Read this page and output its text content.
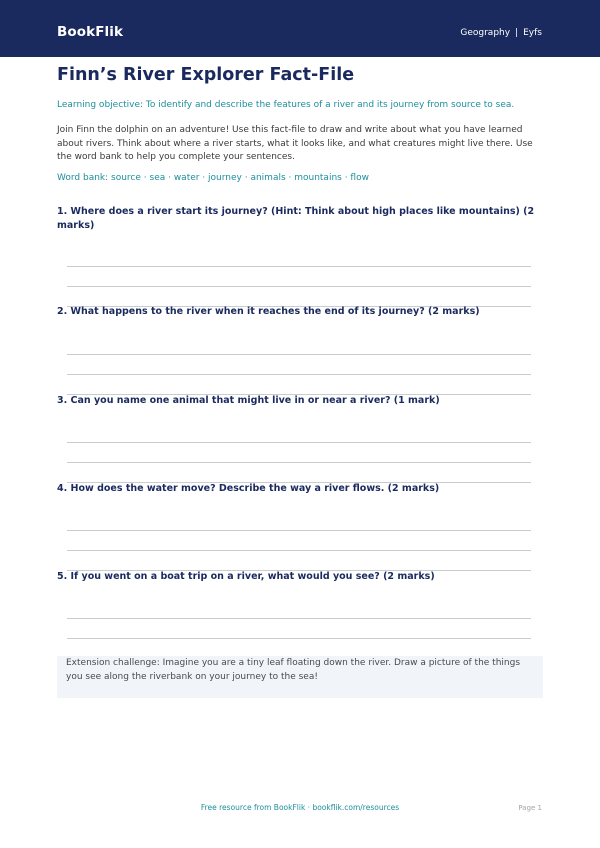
BookFlik	Geography | Eyfs
Finn’s River Explorer Fact-File
Learning objective: To identify and describe the features of a river and its journey from source to sea.
Join Finn the dolphin on an adventure! Use this fact-file to draw and write about what you have learned about rivers. Think about where a river starts, what it looks like, and what creatures might live there. Use the word bank to help you complete your sentences.
Word bank: source · sea · water · journey · animals · mountains · flow
1. Where does a river start its journey? (Hint: Think about high places like mountains) (2 marks)
2. What happens to the river when it reaches the end of its journey? (2 marks)
3. Can you name one animal that might live in or near a river? (1 mark)
4. How does the water move? Describe the way a river flows. (2 marks)
5. If you went on a boat trip on a river, what would you see? (2 marks)
Extension challenge: Imagine you are a tiny leaf floating down the river. Draw a picture of the things you see along the riverbank on your journey to the sea!
Free resource from BookFlik · bookflik.com/resources	Page 1
